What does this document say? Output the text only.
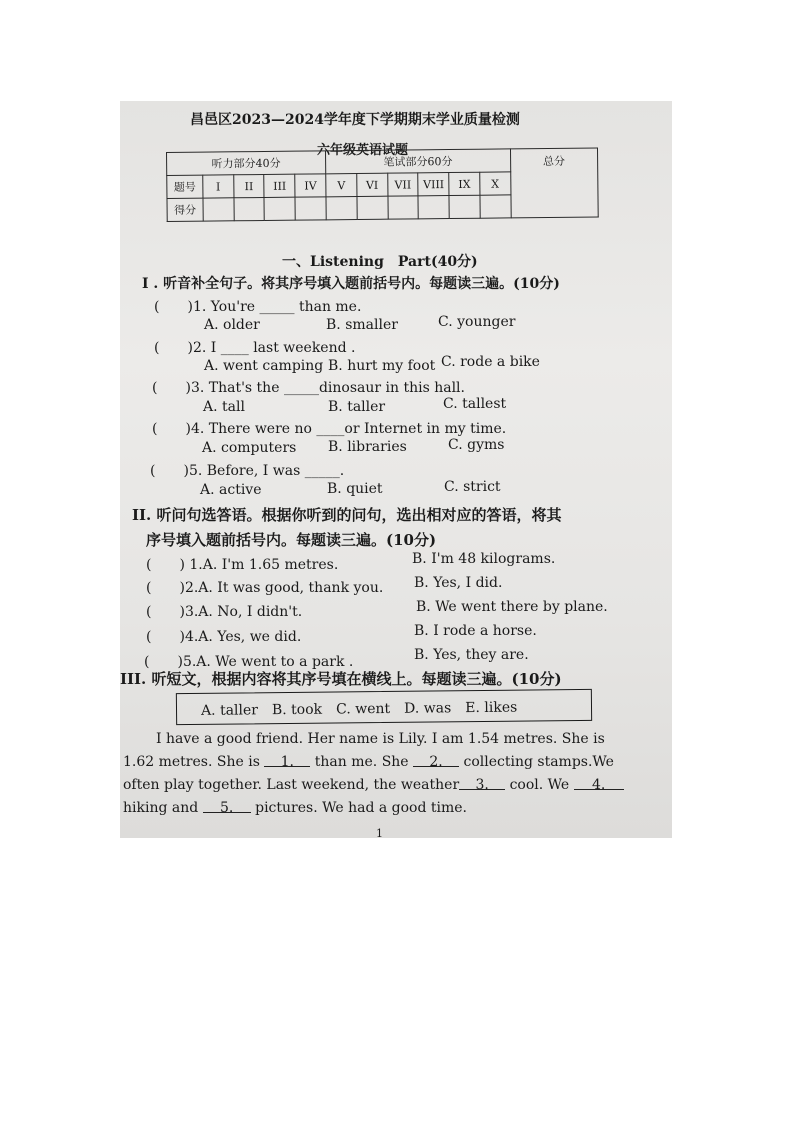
昌邑区2023—2024学年度下学期期末学业质量检测
六年级英语试题
听力部分40分					笔试部分60分						总分
题号	I	II	III	IV	V	VI	VII	VIII	IX	X	
得分											
一、Listening　Part(40分)
I . 听音补全句子。将其序号填入题前括号内。每题读三遍。(10分)
(　　)1. You're _____ than me.
A. older	B. smaller	C. younger
(　　)2. I ____ last weekend .
A. went camping B. hurt my foot C. rode a bike
(　　)3. That's the _____dinosaur in this hall.
A. tall	B. taller	C. tallest
(　　)4. There were no ____or Internet in my time.
A. computers B. libraries	C. gyms
(　　)5. Before, I was _____.
A. active	B. quiet	C. strict
II. 听问句选答语。根据你听到的问句，选出相对应的答语，将其
序号填入题前括号内。每题读三遍。(10分)
(　　) 1.A. I'm 1.65 metres.	B. I'm 48 kilograms.
(　　)2.A. It was good, thank you. B. Yes, I did.
(　　)3.A. No, I didn't.	B. We went there by plane.
(　　)4.A. Yes, we did.	B. I rode a horse.
(　　)5.A. We went to a park .	B. Yes, they are.
III. 听短文，根据内容将其序号填在横线上。每题读三遍。(10分)
A. taller　B. took　C. went　D. was　E. likes
I have a good friend. Her name is Lily. I am 1.54 metres. She is
1.62 metres. She is 1. than me. She 2. collecting stamps.We
often play together. Last weekend, the weather 3. cool. We 4.
hiking and 5. pictures. We had a good time.
1
